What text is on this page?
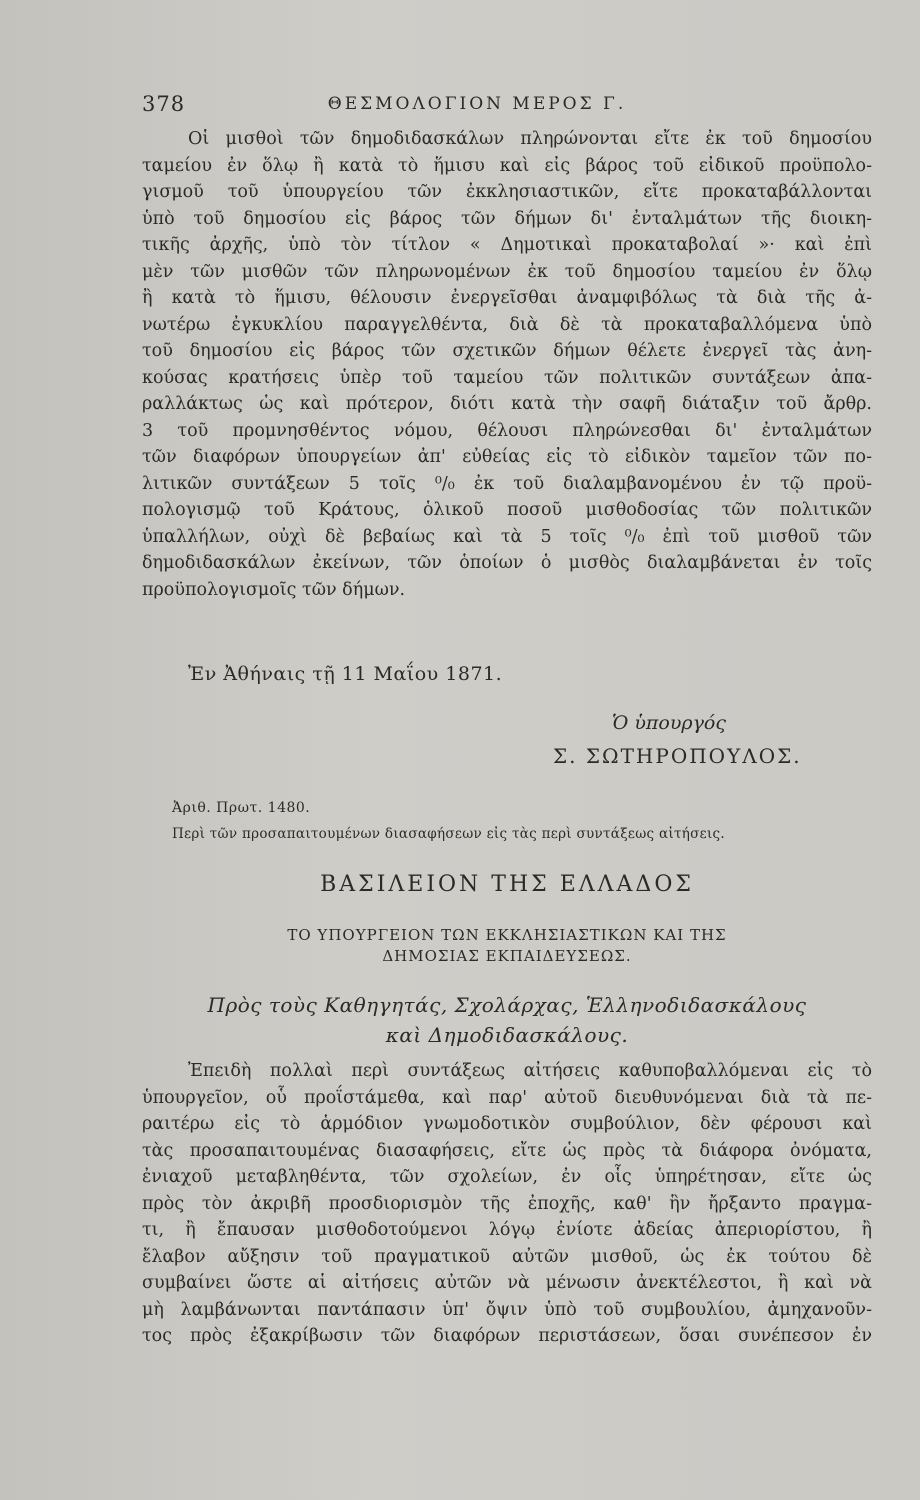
378	ΘΕΣΜΟΛΟΓΙΟΝ ΜΕΡΟΣ Γ.

Οἱ μισθοὶ τῶν δημοδιδασκάλων πληρώνονται εἴτε ἐκ τοῦ δημοσίου

ταμείου ἐν ὅλῳ ἢ κατὰ τὸ ἥμισυ καὶ εἰς βάρος τοῦ εἰδικοῦ προϋπολο-

γισμοῦ τοῦ ὑπουργείου τῶν ἐκκλησιαστικῶν, εἴτε προκαταβάλλονται

ὑπὸ τοῦ δημοσίου εἰς βάρος τῶν δήμων δι' ἐνταλμάτων τῆς διοικη-

τικῆς ἀρχῆς, ὑπὸ τὸν τίτλον « Δημοτικαὶ προκαταβολαί »· καὶ ἐπὶ

μὲν τῶν μισθῶν τῶν πληρωνομένων ἐκ τοῦ δημοσίου ταμείου ἐν ὅλῳ

ἢ κατὰ τὸ ἥμισυ, θέλουσιν ἐνεργεῖσθαι ἀναμφιβόλως τὰ διὰ τῆς ἀ-

νωτέρω ἐγκυκλίου παραγγελθέντα, διὰ δὲ τὰ προκαταβαλλόμενα ὑπὸ

τοῦ δημοσίου εἰς βάρος τῶν σχετικῶν δήμων θέλετε ἐνεργεῖ τὰς ἀνη-

κούσας κρατήσεις ὑπὲρ τοῦ ταμείου τῶν πολιτικῶν συντάξεων ἀπα-

ραλλάκτως ὡς καὶ πρότερον, διότι κατὰ τὴν σαφῆ διάταξιν τοῦ ἄρθρ.

3 τοῦ προμνησθέντος νόμου, θέλουσι πληρώνεσθαι δι' ἐνταλμάτων

τῶν διαφόρων ὑπουργείων ἀπ' εὐθείας εἰς τὸ εἰδικὸν ταμεῖον τῶν πο-

λιτικῶν συντάξεων 5 τοῖς ⁰/₀ ἐκ τοῦ διαλαμβανομένου ἐν τῷ προϋ-

πολογισμῷ τοῦ Κράτους, ὁλικοῦ ποσοῦ μισθοδοσίας τῶν πολιτικῶν

ὑπαλλήλων, οὐχὶ δὲ βεβαίως καὶ τὰ 5 τοῖς ⁰/₀ ἐπὶ τοῦ μισθοῦ τῶν

δημοδιδασκάλων ἐκείνων, τῶν ὁποίων ὁ μισθὸς διαλαμβάνεται ἐν τοῖς

προϋπολογισμοῖς τῶν δήμων.

Ἐν Ἀθήναις τῇ 11 Μαΐου 1871.
Ὁ ὑπουργός
Σ. ΣΩΤΗΡΟΠΟΥΛΟΣ.
Ἀριθ. Πρωτ. 1480.
Περὶ τῶν προσαπαιτουμένων διασαφήσεων εἰς τὰς περὶ συντάξεως αἰτήσεις.
ΒΑΣΙΛΕΙΟΝ ΤΗΣ ΕΛΛΑΔΟΣ
ΤΟ ΥΠΟΥΡΓΕΙΟΝ ΤΩΝ ΕΚΚΛΗΣΙΑΣΤΙΚΩΝ ΚΑΙ ΤΗΣ
ΔΗΜΟΣΙΑΣ ΕΚΠΑΙΔΕΥΣΕΩΣ.
Πρὸς τοὺς Καθηγητάς, Σχολάρχας, Ἑλληνοδιδασκάλους
καὶ Δημοδιδασκάλους.

Ἐπειδὴ πολλαὶ περὶ συντάξεως αἰτήσεις καθυποβαλλόμεναι εἰς τὸ

ὑπουργεῖον, οὗ προΐστάμεθα, καὶ παρ' αὐτοῦ διευθυνόμεναι διὰ τὰ πε-

ραιτέρω εἰς τὸ ἁρμόδιον γνωμοδοτικὸν συμβούλιον, δὲν φέρουσι καὶ

τὰς προσαπαιτουμένας διασαφήσεις, εἴτε ὡς πρὸς τὰ διάφορα ὀνόματα,

ἐνιαχοῦ μεταβληθέντα, τῶν σχολείων, ἐν οἷς ὑπηρέτησαν, εἴτε ὡς

πρὸς τὸν ἀκριβῆ προσδιορισμὸν τῆς ἐποχῆς, καθ' ἣν ἤρξαντο πραγμα-

τι, ἢ ἔπαυσαν μισθοδοτούμενοι λόγῳ ἐνίοτε ἀδείας ἀπεριορίστου, ἢ

ἔλαβον αὔξησιν τοῦ πραγματικοῦ αὐτῶν μισθοῦ, ὡς ἐκ τούτου δὲ

συμβαίνει ὥστε αἱ αἰτήσεις αὐτῶν νὰ μένωσιν ἀνεκτέλεστοι, ἢ καὶ νὰ

μὴ λαμβάνωνται παντάπασιν ὑπ' ὄψιν ὑπὸ τοῦ συμβουλίου, ἀμηχανοῦν-

τος πρὸς ἐξακρίβωσιν τῶν διαφόρων περιστάσεων, ὅσαι συνέπεσον ἐν
